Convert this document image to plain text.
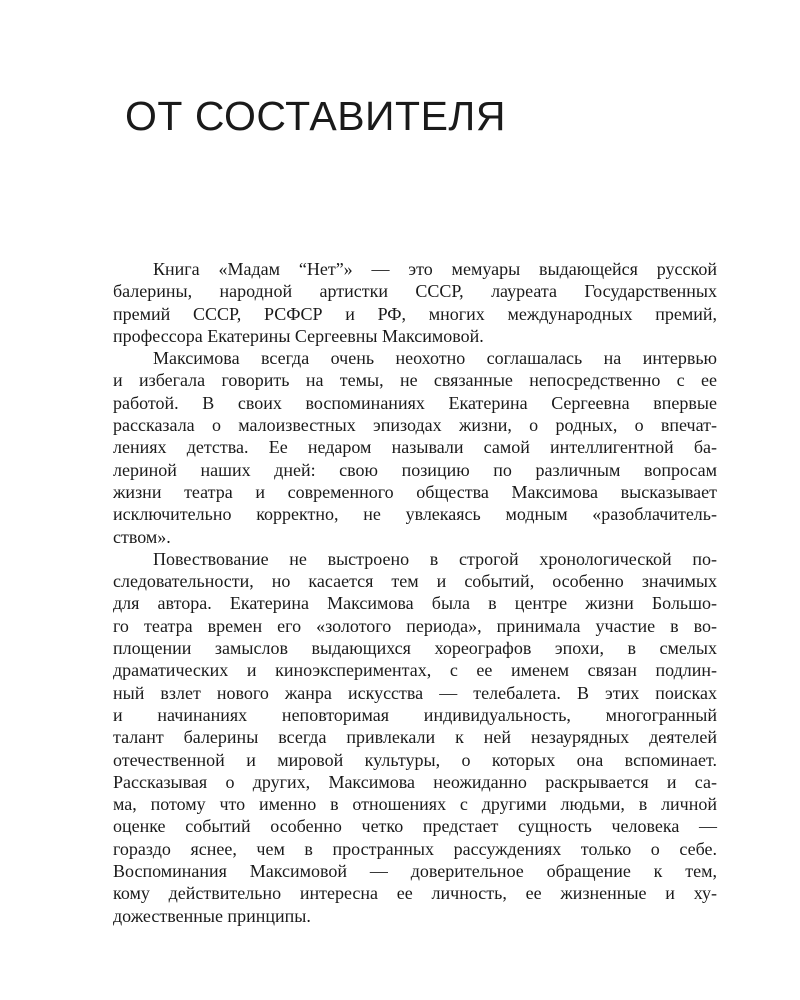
ОТ СОСТАВИТЕЛЯ

Книга «Мадам “Нет”» — это мемуары выдающейся русской
балерины, народной артистки СССР, лауреата Государственных
премий СССР, РСФСР и РФ, многих международных премий,
профессора Екатерины Сергеевны Максимовой.

Максимова всегда очень неохотно соглашалась на интервью
и избегала говорить на темы, не связанные непосредственно с ее
работой. В своих воспоминаниях Екатерина Сергеевна впервые
рассказала о малоизвестных эпизодах жизни, о родных, о впечат-
лениях детства. Ее недаром называли самой интеллигентной ба-
лериной наших дней: свою позицию по различным вопросам
жизни театра и современного общества Максимова высказывает
исключительно корректно, не увлекаясь модным «разоблачитель-
ством».

Повествование не выстроено в строгой хронологической по-
следовательности, но касается тем и событий, особенно значимых
для автора. Екатерина Максимова была в центре жизни Большо-
го театра времен его «золотого периода», принимала участие в во-
площении замыслов выдающихся хореографов эпохи, в смелых
драматических и киноэкспериментах, с ее именем связан подлин-
ный взлет нового жанра искусства — телебалета. В этих поисках
и начинаниях неповторимая индивидуальность, многогранный
талант балерины всегда привлекали к ней незаурядных деятелей
отечественной и мировой культуры, о которых она вспоминает.
Рассказывая о других, Максимова неожиданно раскрывается и са-
ма, потому что именно в отношениях с другими людьми, в личной
оценке событий особенно четко предстает сущность человека —
гораздо яснее, чем в пространных рассуждениях только о себе.
Воспоминания Максимовой — доверительное обращение к тем,
кому действительно интересна ее личность, ее жизненные и ху-
дожественные принципы.
